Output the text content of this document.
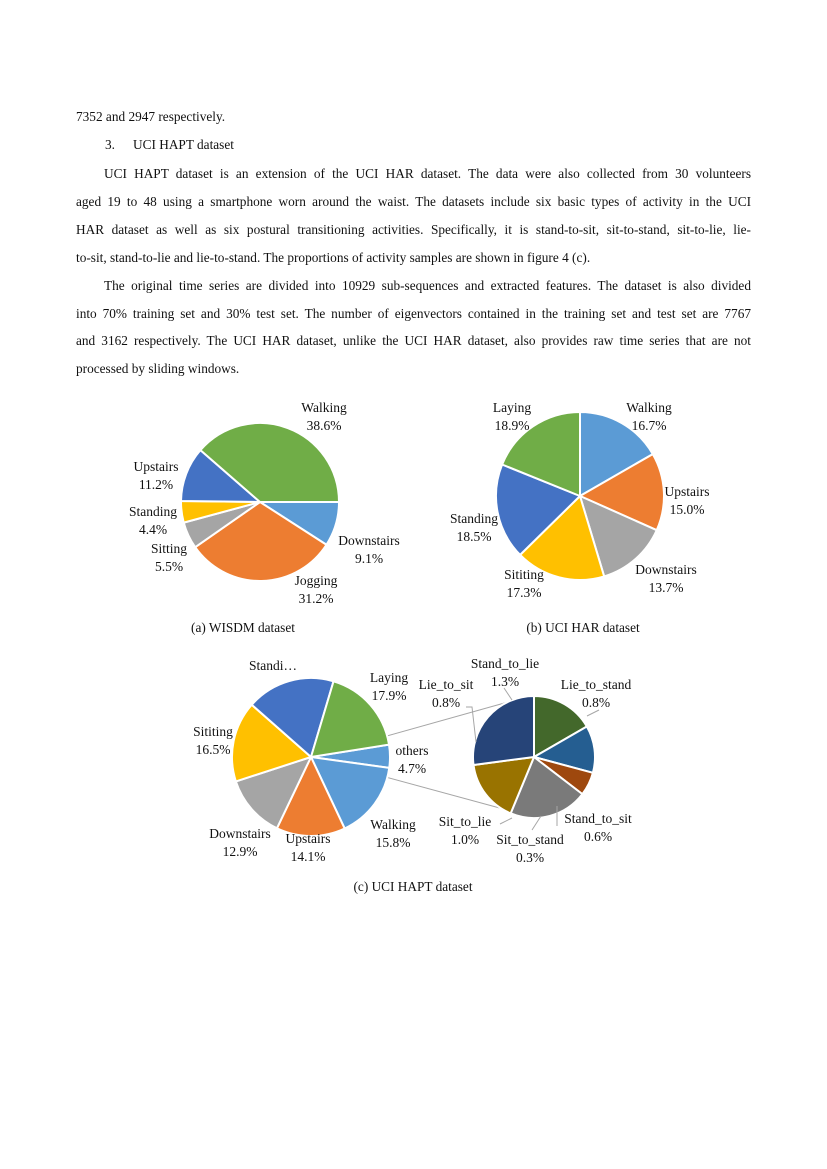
7352 and 2947 respectively.
3. UCI HAPT dataset
UCI HAPT dataset is an extension of the UCI HAR dataset. The data were also collected from 30 volunteers
aged 19 to 48 using a smartphone worn around the waist. The datasets include six basic types of activity in the UCI
HAR dataset as well as six postural transitioning activities. Specifically, it is stand-to-sit, sit-to-stand, sit-to-lie, lie-
to-sit, stand-to-lie and lie-to-stand. The proportions of activity samples are shown in figure 4 (c).
The original time series are divided into 10929 sub-sequences and extracted features. The dataset is also divided
into 70% training set and 30% test set. The number of eigenvectors contained in the training set and test set are 7767
and 3162 respectively. The UCI HAR dataset, unlike the UCI HAR dataset, also provides raw time series that are not
processed by sliding windows.
Walking
38.6%
Upstairs
11.2%
Standing
4.4%
Sitting
5.5%
Jogging
31.2%
Downstairs
9.1%
Laying
18.9%
Walking
16.7%
Upstairs
15.0%
Downstairs
13.7%
Sititing
17.3%
Standing
18.5%
Standi…
Laying
17.9%
Sititing
16.5%	others
4.7%
Downstairs
12.9%
Upstairs
14.1%
Walking
15.8%
Stand_to_lie
1.3%
Lie_to_sit
0.8%
Lie_to_stand
0.8%
Stand_to_sit
0.6%
Sit_to_lie
1.0% Sit_to_stand
0.3%
(a) WISDM dataset	(b) UCI HAR dataset
(c) UCI HAPT dataset
